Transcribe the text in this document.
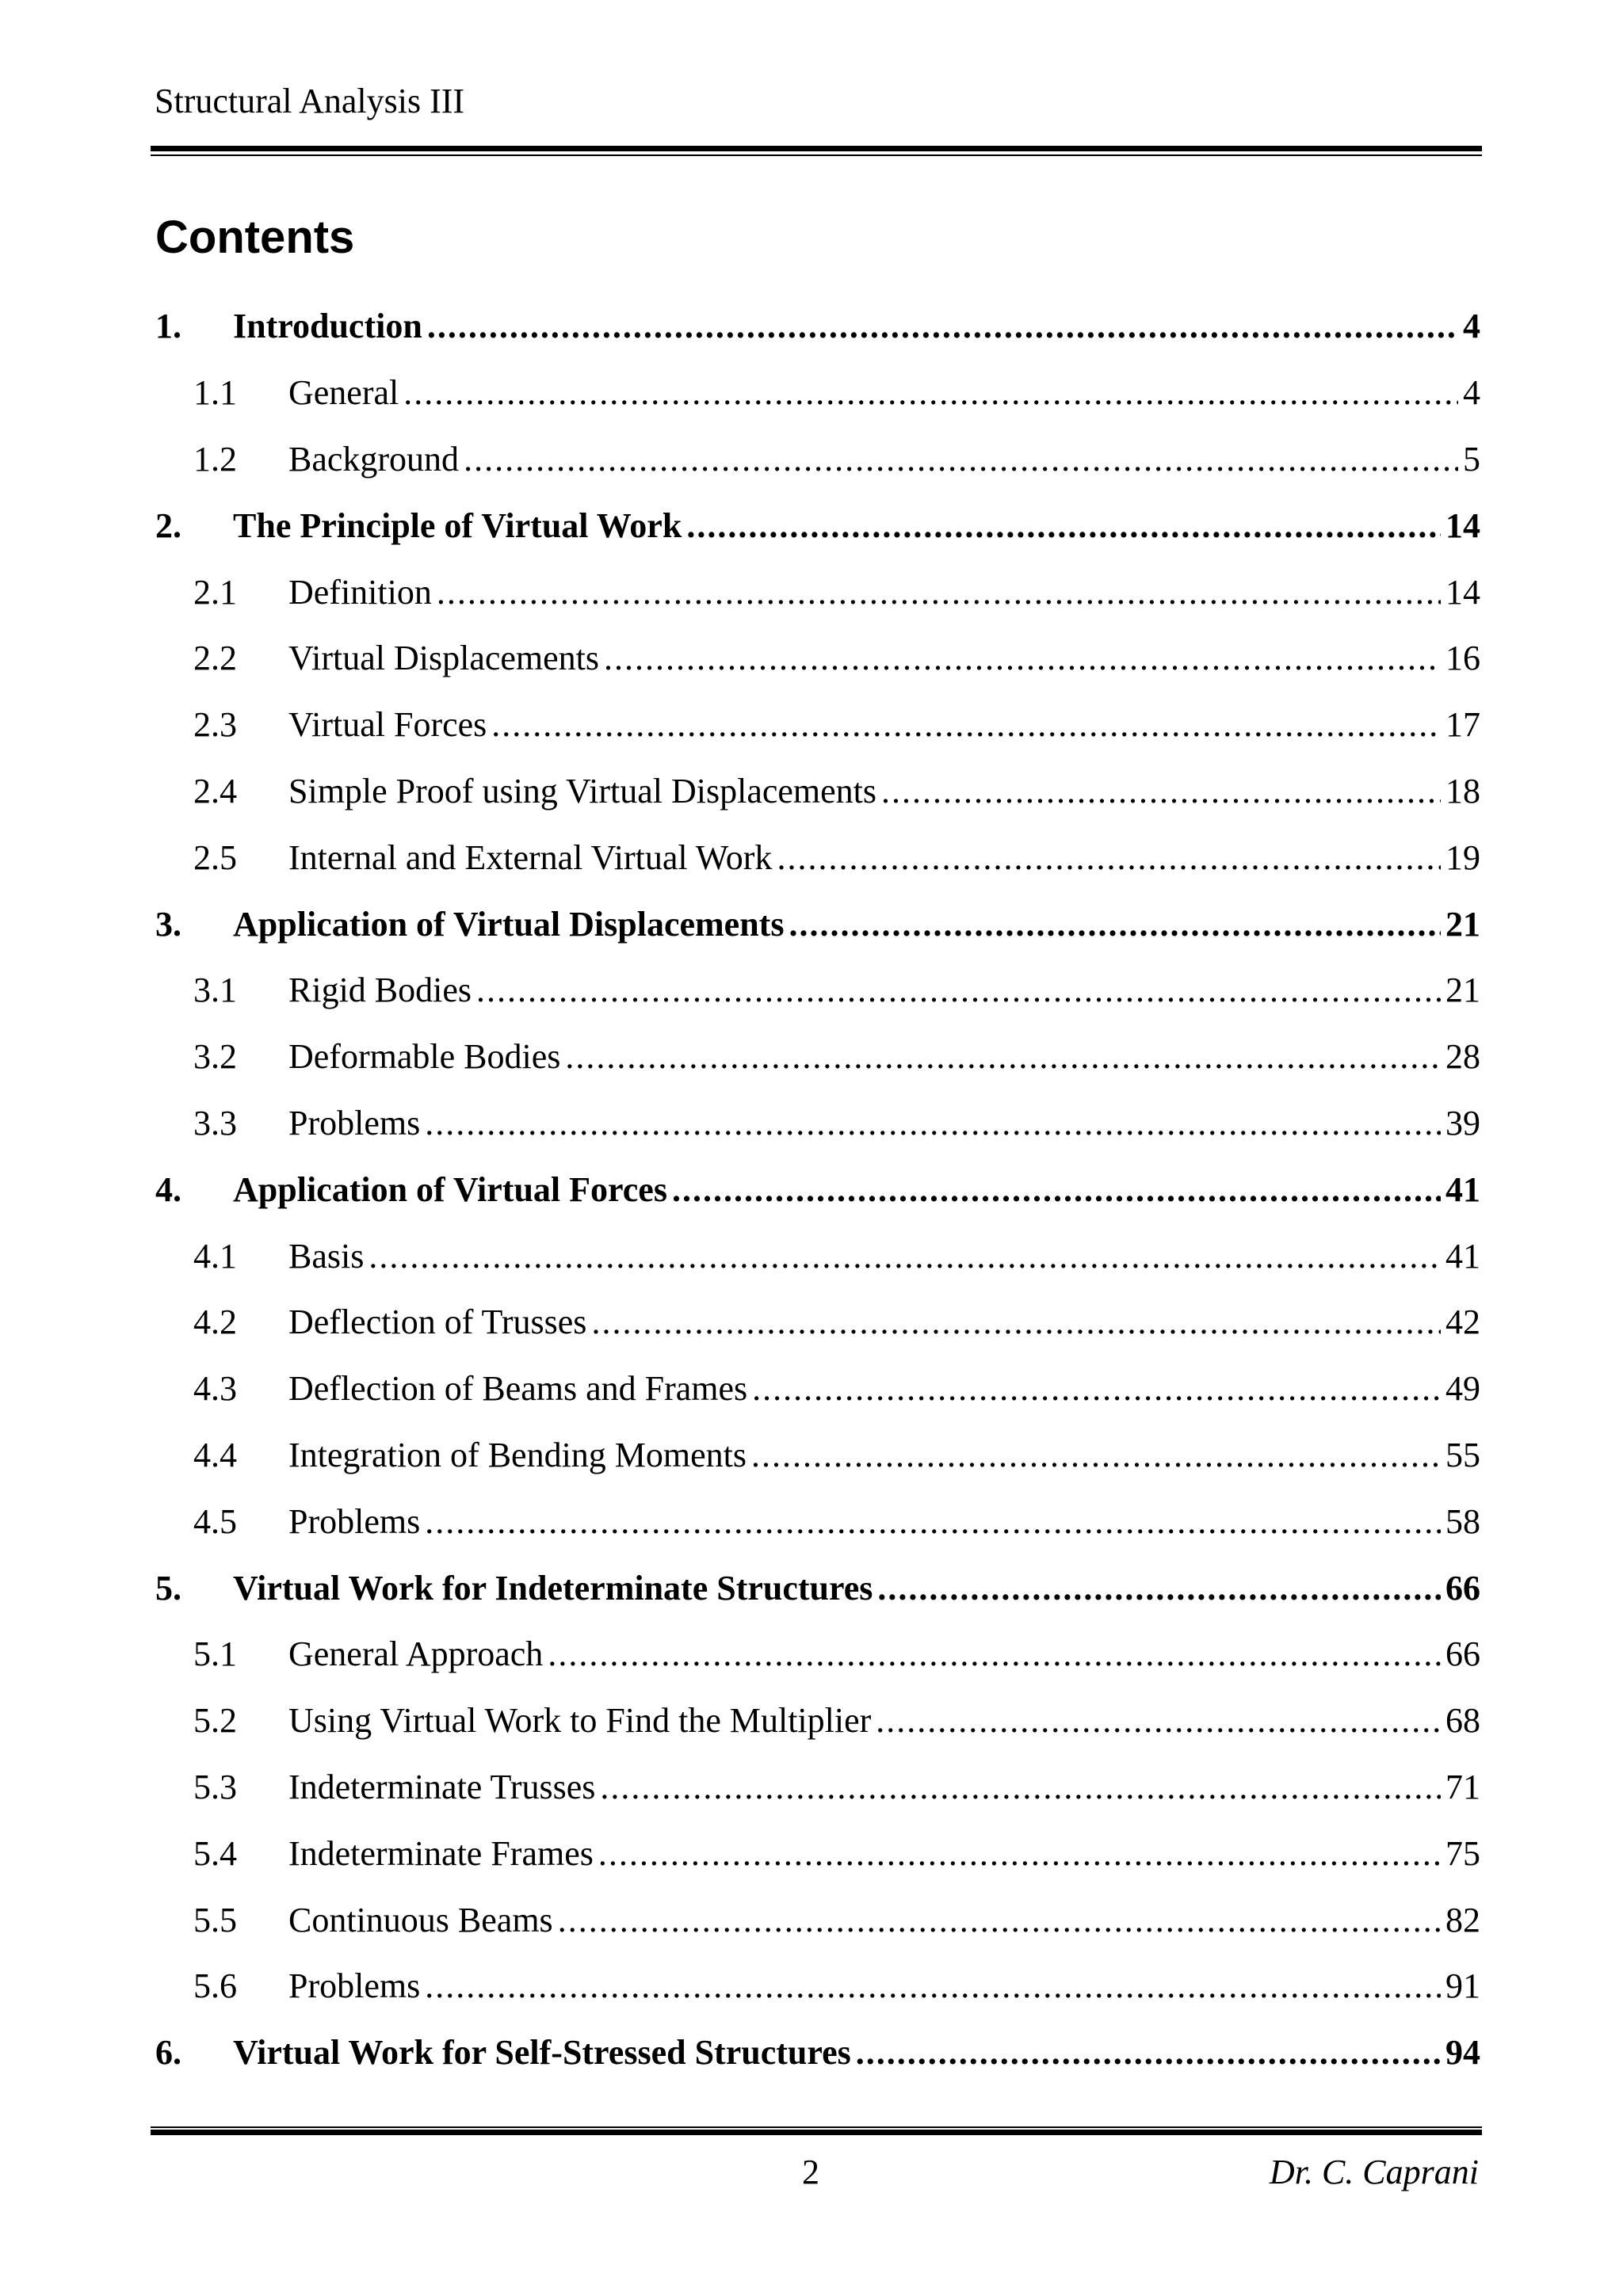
Structural Analysis III
Contents
1.	Introduction .....	4
1.1	General .....	4
1.2	Background .....	5
2.	The Principle of Virtual Work .....	14
2.1	Definition .....	14
2.2	Virtual Displacements .....	16
2.3	Virtual Forces .....	17
2.4	Simple Proof using Virtual Displacements .....	18
2.5	Internal and External Virtual Work .....	19
3.	Application of Virtual Displacements .....	21
3.1	Rigid Bodies .....	21
3.2	Deformable Bodies .....	28
3.3	Problems .....	39
4.	Application of Virtual Forces .....	41
4.1	Basis .....	41
4.2	Deflection of Trusses .....	42
4.3	Deflection of Beams and Frames .....	49
4.4	Integration of Bending Moments .....	55
4.5	Problems .....	58
5.	Virtual Work for Indeterminate Structures .....	66
5.1	General Approach .....	66
5.2	Using Virtual Work to Find the Multiplier .....	68
5.3	Indeterminate Trusses .....	71
5.4	Indeterminate Frames .....	75
5.5	Continuous Beams .....	82
5.6	Problems .....	91
6.	Virtual Work for Self-Stressed Structures .....	94
2	Dr. C. Caprani
